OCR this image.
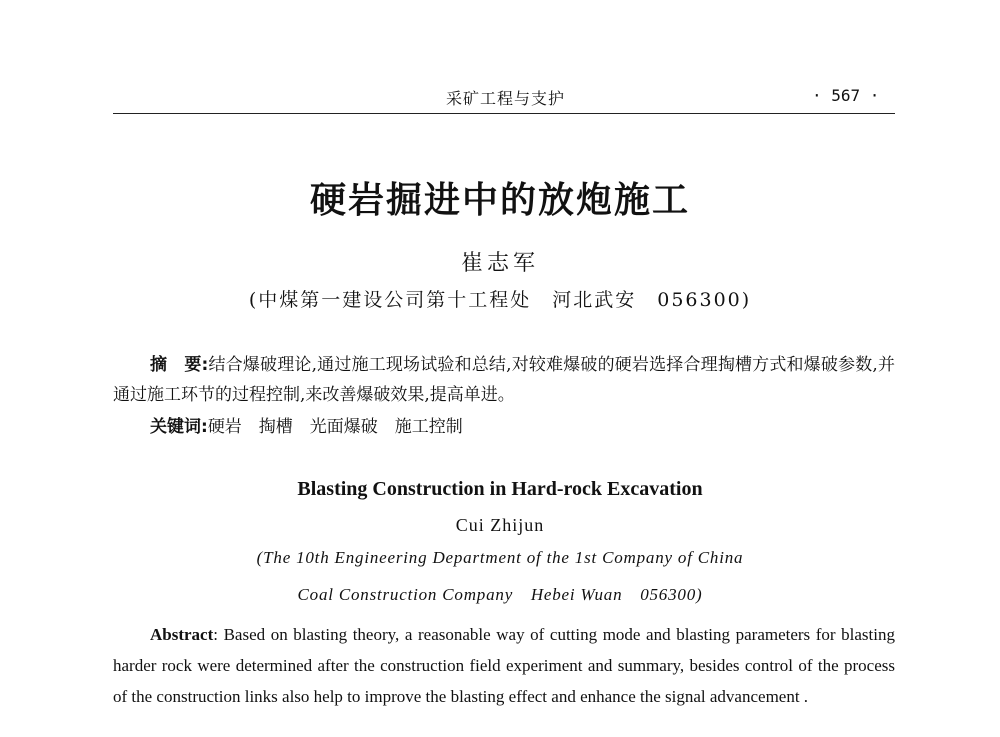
采矿工程与支护	· 567 ·
硬岩掘进中的放炮施工
崔志军
(中煤第一建设公司第十工程处　河北武安　056300)
摘　要:结合爆破理论,通过施工现场试验和总结,对较难爆破的硬岩选择合理掏槽方式和爆破参数,并通过施工环节的过程控制,来改善爆破效果,提高单进。
关键词:硬岩　掏槽　光面爆破　施工控制
Blasting Construction in Hard-rock Excavation
Cui Zhijun
(The 10th Engineering Department of the 1st Company of China
Coal Construction Company　Hebei Wuan　056300)
Abstract: Based on blasting theory, a reasonable way of cutting mode and blasting parameters for blasting harder rock were determined after the construction field experiment and summary, besides control of the process of the construction links also help to improve the blasting effect and enhance the signal advancement .
